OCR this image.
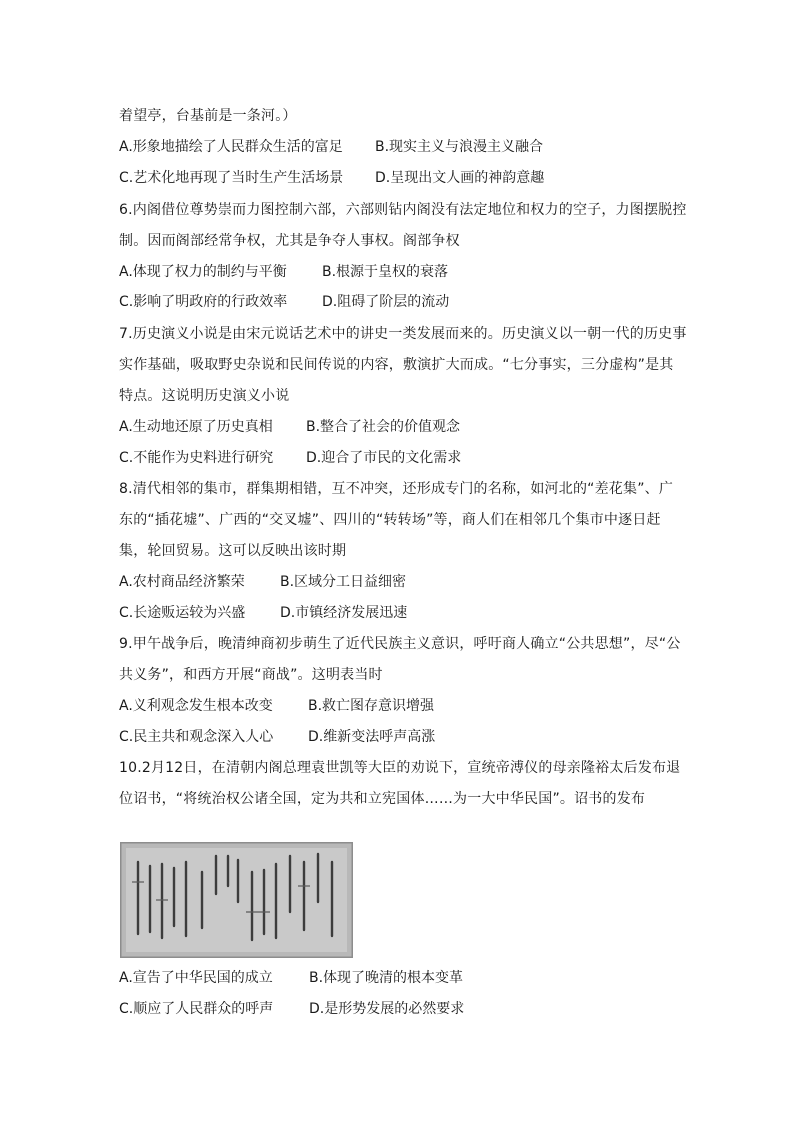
着望亭，台基前是一条河。）
A.形象地描绘了人民群众生活的富足 B.现实主义与浪漫主义融合
C.艺术化地再现了当时生产生活场景 D.呈现出文人画的神韵意趣
6.内阁借位尊势崇而力图控制六部，六部则钻内阁没有法定地位和权力的空子，力图摆脱控
制。因而阁部经常争权，尤其是争夺人事权。阁部争权
A.体现了权力的制约与平衡	B.根源于皇权的衰落
C.影响了明政府的行政效率 D.阻碍了阶层的流动
7.历史演义小说是由宋元说话艺术中的讲史一类发展而来的。历史演义以一朝一代的历史事
实作基础，吸取野史杂说和民间传说的内容，敷演扩大而成。“七分事实，三分虚构”是其
特点。这说明历史演义小说
A.生动地还原了历史真相 B.整合了社会的价值观念
C.不能作为史料进行研究 D.迎合了市民的文化需求
8.清代相邻的集市，群集期相错，互不冲突，还形成专门的名称，如河北的“差花集”、广
东的“插花墟”、广西的“交叉墟”、四川的“转转场”等，商人们在相邻几个集市中逐日赶
集，轮回贸易。这可以反映出该时期
A.农村商品经济繁荣	B.区域分工日益细密
C.长途贩运较为兴盛 D.市镇经济发展迅速
9.甲午战争后，晚清绅商初步萌生了近代民族主义意识，呼吁商人确立“公共思想”，尽“公
共义务”，和西方开展“商战”。这明表当时
A.义利观念发生根本改变	B.救亡图存意识增强
C.民主共和观念深入人心 D.维新变法呼声高涨
10.2月12日，在清朝内阁总理袁世凯等大臣的劝说下，宣统帝溥仪的母亲隆裕太后发布退
位诏书，“将统治权公诸全国，定为共和立宪国体……为一大中华民国”。诏书的发布
A.宣告了中华民国的成立	B.体现了晚清的根本变革
C.顺应了人民群众的呼声	D.是形势发展的必然要求
